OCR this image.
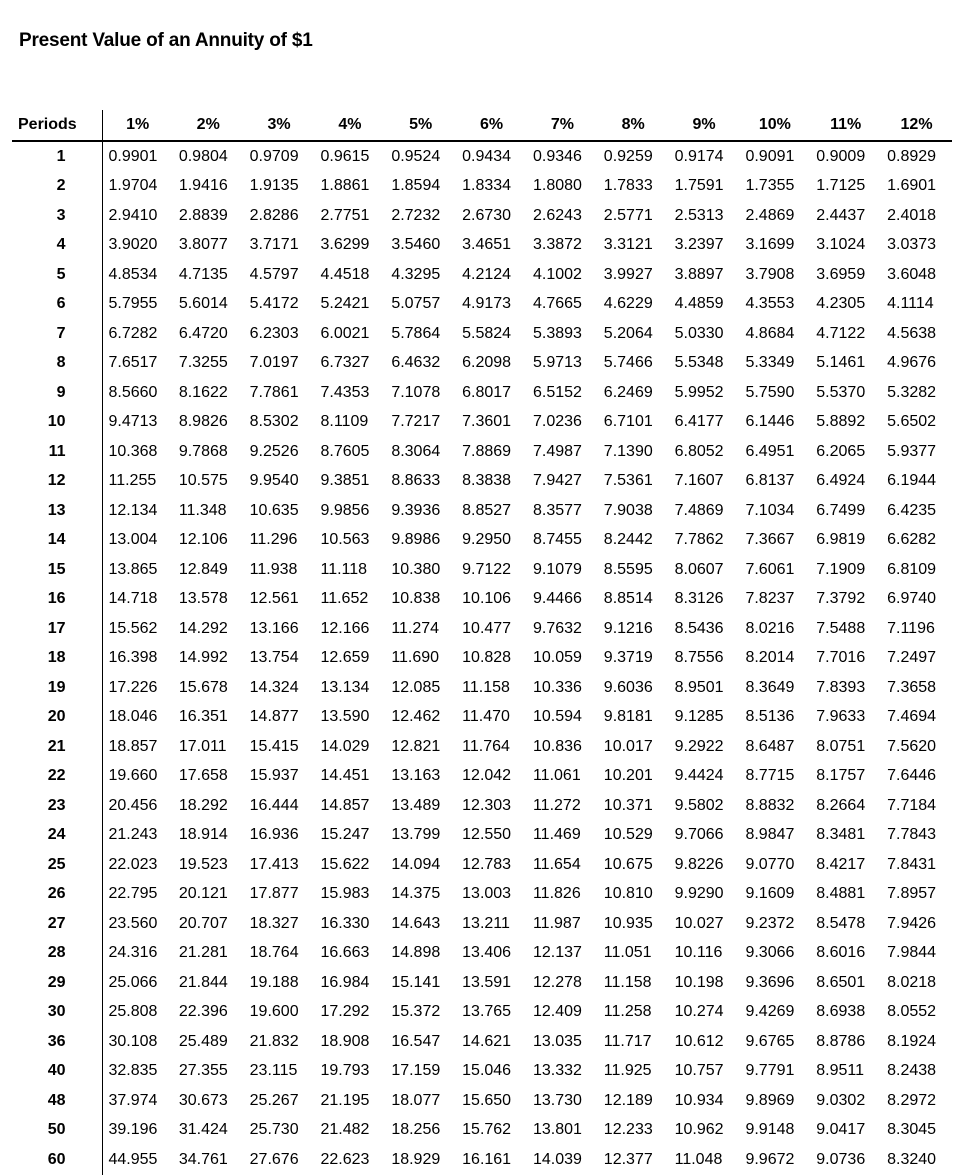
Present Value of an Annuity of $1
Periods	1%	2%	3%	4%	5%	6%	7%	8%	9%	10%	11%	12%
1	0.9901	0.9804	0.9709	0.9615	0.9524	0.9434	0.9346	0.9259	0.9174	0.9091	0.9009	0.8929
2	1.9704	1.9416	1.9135	1.8861	1.8594	1.8334	1.8080	1.7833	1.7591	1.7355	1.7125	1.6901
3	2.9410	2.8839	2.8286	2.7751	2.7232	2.6730	2.6243	2.5771	2.5313	2.4869	2.4437	2.4018
4	3.9020	3.8077	3.7171	3.6299	3.5460	3.4651	3.3872	3.3121	3.2397	3.1699	3.1024	3.0373
5	4.8534	4.7135	4.5797	4.4518	4.3295	4.2124	4.1002	3.9927	3.8897	3.7908	3.6959	3.6048
6	5.7955	5.6014	5.4172	5.2421	5.0757	4.9173	4.7665	4.6229	4.4859	4.3553	4.2305	4.1114
7	6.7282	6.4720	6.2303	6.0021	5.7864	5.5824	5.3893	5.2064	5.0330	4.8684	4.7122	4.5638
8	7.6517	7.3255	7.0197	6.7327	6.4632	6.2098	5.9713	5.7466	5.5348	5.3349	5.1461	4.9676
9	8.5660	8.1622	7.7861	7.4353	7.1078	6.8017	6.5152	6.2469	5.9952	5.7590	5.5370	5.3282
10	9.4713	8.9826	8.5302	8.1109	7.7217	7.3601	7.0236	6.7101	6.4177	6.1446	5.8892	5.6502
11	10.368	9.7868	9.2526	8.7605	8.3064	7.8869	7.4987	7.1390	6.8052	6.4951	6.2065	5.9377
12	11.255	10.575	9.9540	9.3851	8.8633	8.3838	7.9427	7.5361	7.1607	6.8137	6.4924	6.1944
13	12.134	11.348	10.635	9.9856	9.3936	8.8527	8.3577	7.9038	7.4869	7.1034	6.7499	6.4235
14	13.004	12.106	11.296	10.563	9.8986	9.2950	8.7455	8.2442	7.7862	7.3667	6.9819	6.6282
15	13.865	12.849	11.938	11.118	10.380	9.7122	9.1079	8.5595	8.0607	7.6061	7.1909	6.8109
16	14.718	13.578	12.561	11.652	10.838	10.106	9.4466	8.8514	8.3126	7.8237	7.3792	6.9740
17	15.562	14.292	13.166	12.166	11.274	10.477	9.7632	9.1216	8.5436	8.0216	7.5488	7.1196
18	16.398	14.992	13.754	12.659	11.690	10.828	10.059	9.3719	8.7556	8.2014	7.7016	7.2497
19	17.226	15.678	14.324	13.134	12.085	11.158	10.336	9.6036	8.9501	8.3649	7.8393	7.3658
20	18.046	16.351	14.877	13.590	12.462	11.470	10.594	9.8181	9.1285	8.5136	7.9633	7.4694
21	18.857	17.011	15.415	14.029	12.821	11.764	10.836	10.017	9.2922	8.6487	8.0751	7.5620
22	19.660	17.658	15.937	14.451	13.163	12.042	11.061	10.201	9.4424	8.7715	8.1757	7.6446
23	20.456	18.292	16.444	14.857	13.489	12.303	11.272	10.371	9.5802	8.8832	8.2664	7.7184
24	21.243	18.914	16.936	15.247	13.799	12.550	11.469	10.529	9.7066	8.9847	8.3481	7.7843
25	22.023	19.523	17.413	15.622	14.094	12.783	11.654	10.675	9.8226	9.0770	8.4217	7.8431
26	22.795	20.121	17.877	15.983	14.375	13.003	11.826	10.810	9.9290	9.1609	8.4881	7.8957
27	23.560	20.707	18.327	16.330	14.643	13.211	11.987	10.935	10.027	9.2372	8.5478	7.9426
28	24.316	21.281	18.764	16.663	14.898	13.406	12.137	11.051	10.116	9.3066	8.6016	7.9844
29	25.066	21.844	19.188	16.984	15.141	13.591	12.278	11.158	10.198	9.3696	8.6501	8.0218
30	25.808	22.396	19.600	17.292	15.372	13.765	12.409	11.258	10.274	9.4269	8.6938	8.0552
36	30.108	25.489	21.832	18.908	16.547	14.621	13.035	11.717	10.612	9.6765	8.8786	8.1924
40	32.835	27.355	23.115	19.793	17.159	15.046	13.332	11.925	10.757	9.7791	8.9511	8.2438
48	37.974	30.673	25.267	21.195	18.077	15.650	13.730	12.189	10.934	9.8969	9.0302	8.2972
50	39.196	31.424	25.730	21.482	18.256	15.762	13.801	12.233	10.962	9.9148	9.0417	8.3045
60	44.955	34.761	27.676	22.623	18.929	16.161	14.039	12.377	11.048	9.9672	9.0736	8.3240
